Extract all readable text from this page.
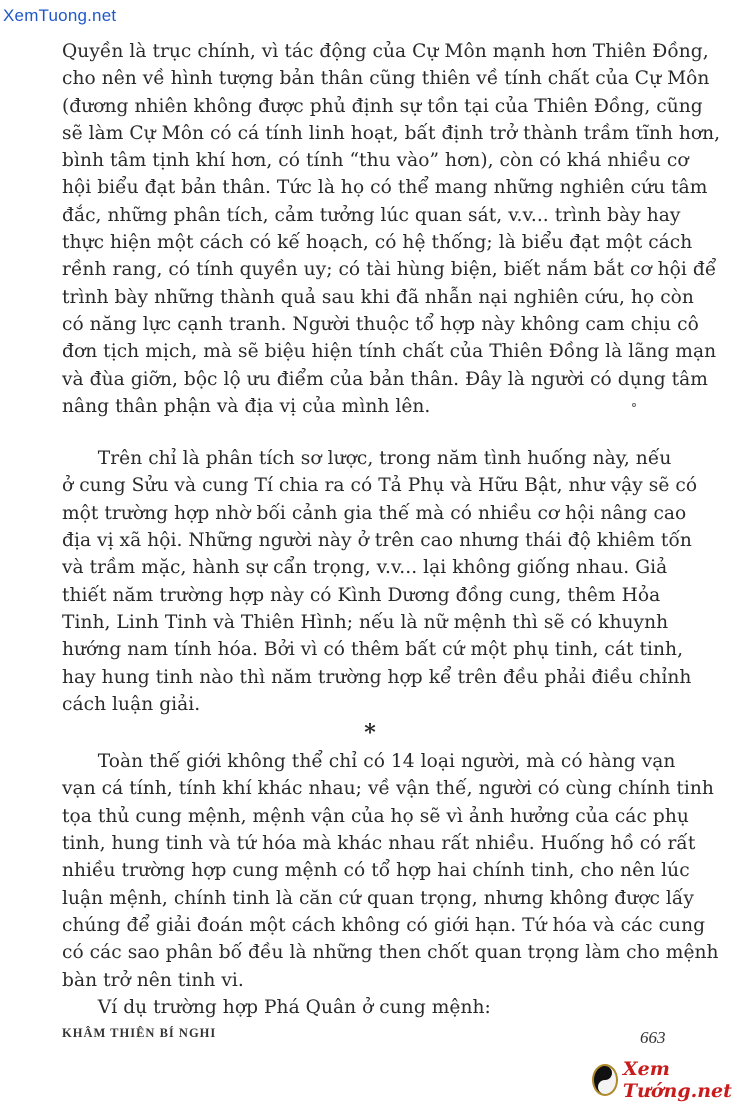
XemTuong.net
Quyền là trục chính, vì tác động của Cự Môn mạnh hơn Thiên Đồng,
cho nên về hình tượng bản thân cũng thiên về tính chất của Cự Môn
(đương nhiên không được phủ định sự tồn tại của Thiên Đồng, cũng
sẽ làm Cự Môn có cá tính linh hoạt, bất định trở thành trầm tĩnh hơn,
bình tâm tịnh khí hơn, có tính “thu vào” hơn), còn có khá nhiều cơ
hội biểu đạt bản thân. Tức là họ có thể mang những nghiên cứu tâm
đắc, những phân tích, cảm tưởng lúc quan sát, v.v... trình bày hay
thực hiện một cách có kế hoạch, có hệ thống; là biểu đạt một cách
rềnh rang, có tính quyền uy; có tài hùng biện, biết nắm bắt cơ hội để
trình bày những thành quả sau khi đã nhẫn nại nghiên cứu, họ còn
có năng lực cạnh tranh. Người thuộc tổ hợp này không cam chịu cô
đơn tịch mịch, mà sẽ biệu hiện tính chất của Thiên Đồng là lãng mạn
và đùa giỡn, bộc lộ ưu điểm của bản thân. Đây là người có dụng tâm
nâng thân phận và địa vị của mình lên.
Trên chỉ là phân tích sơ lược, trong năm tình huống này, nếu
ở cung Sửu và cung Tí chia ra có Tả Phụ và Hữu Bật, như vậy sẽ có
một trường hợp nhờ bối cảnh gia thế mà có nhiều cơ hội nâng cao
địa vị xã hội. Những người này ở trên cao nhưng thái độ khiêm tốn
và trầm mặc, hành sự cẩn trọng, v.v... lại không giống nhau. Giả
thiết năm trường hợp này có Kình Dương đồng cung, thêm Hỏa
Tinh, Linh Tinh và Thiên Hình; nếu là nữ mệnh thì sẽ có khuynh
hướng nam tính hóa. Bởi vì có thêm bất cứ một phụ tinh, cát tinh,
hay hung tinh nào thì năm trường hợp kể trên đều phải điều chỉnh
cách luận giải.
*
Toàn thế giới không thể chỉ có 14 loại người, mà có hàng vạn
vạn cá tính, tính khí khác nhau; về vận thế, người có cùng chính tinh
tọa thủ cung mệnh, mệnh vận của họ sẽ vì ảnh hưởng của các phụ
tinh, hung tinh và tứ hóa mà khác nhau rất nhiều. Huống hồ có rất
nhiều trường hợp cung mệnh có tổ hợp hai chính tinh, cho nên lúc
luận mệnh, chính tinh là căn cứ quan trọng, nhưng không được lấy
chúng để giải đoán một cách không có giới hạn. Tứ hóa và các cung
có các sao phân bố đều là những then chốt quan trọng làm cho mệnh
bàn trở nên tinh vi.
Ví dụ trường hợp Phá Quân ở cung mệnh:
KHÂM THIÊN BÍ NGHI	663
Xem Tướng.net
